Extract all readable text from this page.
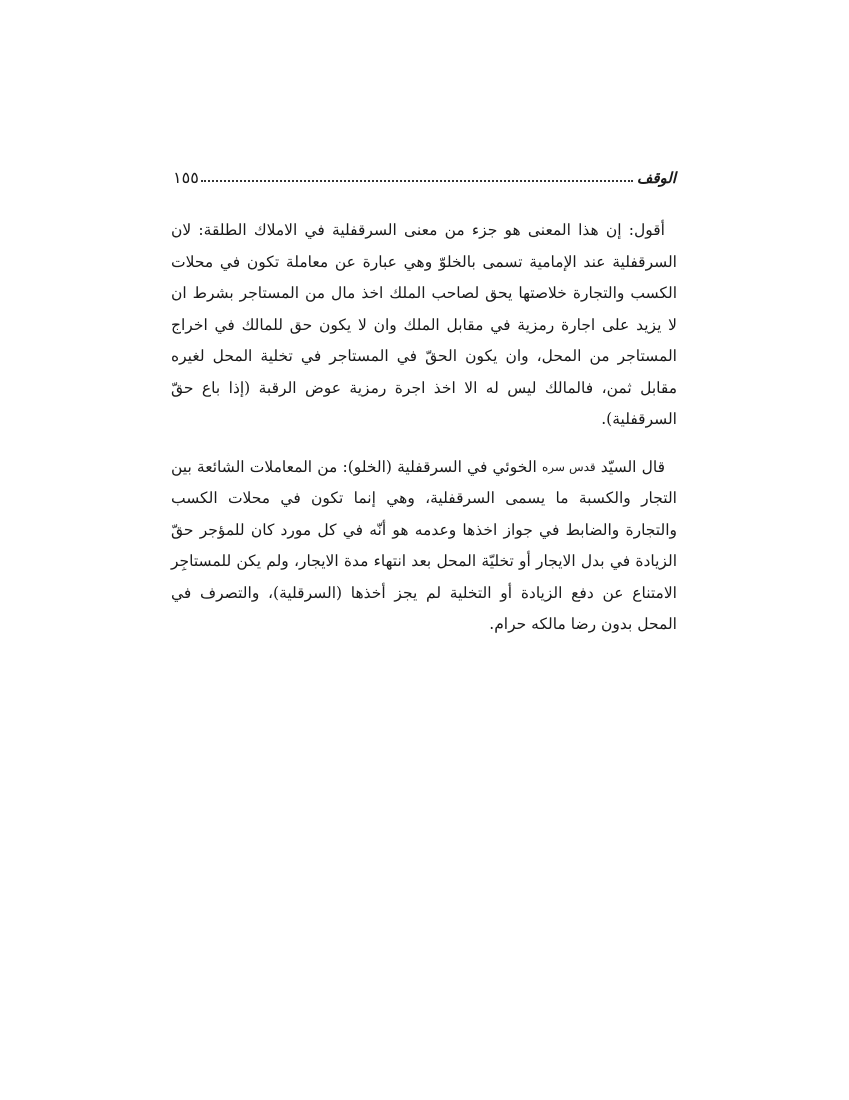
الوقف
١٥٥

أقول: إن هذا المعنى هو جزء من معنى السرقفلية في الاملاك الطلقة: لان السرقفلية عند الإمامية تسمى بالخلوّ وهي عبارة عن معاملة تكون في محلات الكسب والتجارة خلاصتها يحق لصاحب الملك اخذ مال من المستاجر بشرط ان لا يزيد على اجارة رمزية في مقابل الملك وان لا يكون حق للمالك في اخراج المستاجر من المحل، وان يكون الحقّ في المستاجر في تخلية المحل لغيره مقابل ثمن، فالمالك ليس له الا اخذ اجرة رمزية عوض الرقبة (إذا باع حقّ السرقفلية).

قال السيّد $^{قدس سره}$ الخوئي في السرقفلية (الخلو): من المعاملات الشائعة بين التجار والكسبة ما يسمى السرقفلية، وهي إنما تكون في محلات الكسب والتجارة والضابط في جواز اخذها وعدمه هو أنّه في كل مورد كان للمؤجر حقّ الزيادة في بدل الايجار أو تخليّة المحل بعد انتهاء مدة الايجار، ولم يكن للمستاجِر الامتناع عن دفع الزيادة أو التخلية لم يجز أخذها (السرقلية)، والتصرف في المحل بدون رضا مالكه حرام.
